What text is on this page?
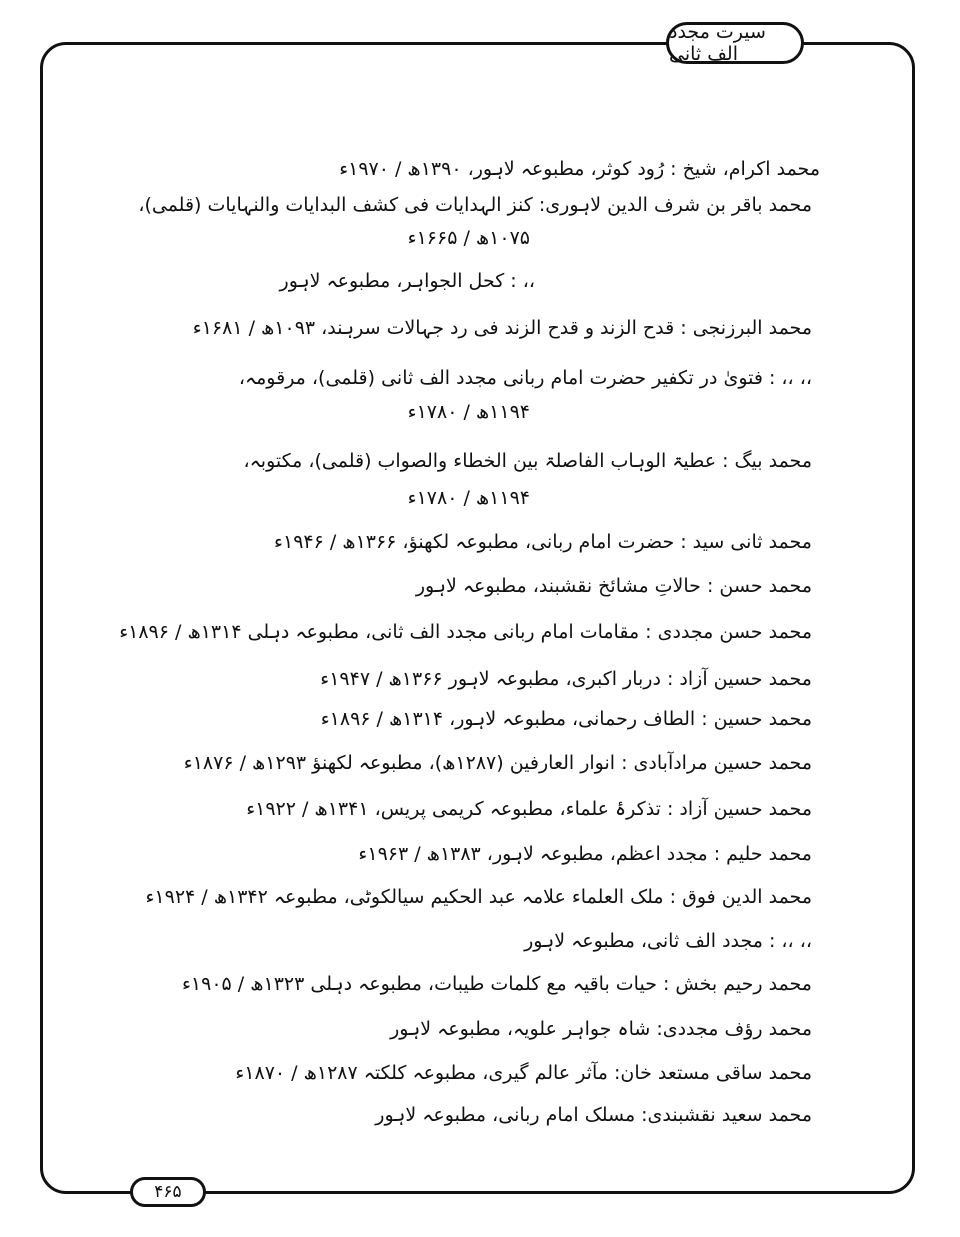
سیرت مجدد الف ثانی
محمد اکرام، شیخ : رُود کوثر، مطبوعہ لاہور، ۱۳۹۰ھ / ۱۹۷۰ء
محمد باقر بن شرف الدین لاہوری: کنز الہدایات فی کشف البدایات والنہایات (قلمی)،
۱۰۷۵ھ / ۱۶۶۵ء
،، : کحل الجواہر، مطبوعہ لاہور
محمد البرزنجی : قدح الزند و قدح الزند فی رد جہالات سرہند، ۱۰۹۳ھ / ۱۶۸۱ء
،، ،، : فتویٰ در تکفیر حضرت امام ربانی مجدد الف ثانی (قلمی)، مرقومہ،
۱۱۹۴ھ / ۱۷۸۰ء
محمد بیگ : عطیۃ الوہاب الفاصلۃ بین الخطاء والصواب (قلمی)، مکتوبہ،
۱۱۹۴ھ / ۱۷۸۰ء
محمد ثانی سید : حضرت امام ربانی، مطبوعہ لکھنؤ، ۱۳۶۶ھ / ۱۹۴۶ء
محمد حسن : حالاتِ مشائخ نقشبند، مطبوعہ لاہور
محمد حسن مجددی : مقامات امام ربانی مجدد الف ثانی، مطبوعہ دہلی ۱۳۱۴ھ / ۱۸۹۶ء
محمد حسین آزاد : دربار اکبری، مطبوعہ لاہور ۱۳۶۶ھ / ۱۹۴۷ء
محمد حسین : الطاف رحمانی، مطبوعہ لاہور، ۱۳۱۴ھ / ۱۸۹۶ء
محمد حسین مرادآبادی : انوار العارفین (۱۲۸۷ھ)، مطبوعہ لکھنؤ ۱۲۹۳ھ / ۱۸۷۶ء
محمد حسین آزاد : تذکرۂ علماء، مطبوعہ کریمی پریس، ۱۳۴۱ھ / ۱۹۲۲ء
محمد حلیم : مجدد اعظم، مطبوعہ لاہور، ۱۳۸۳ھ / ۱۹۶۳ء
محمد الدین فوق : ملک العلماء علامہ عبد الحکیم سیالکوٹی، مطبوعہ ۱۳۴۲ھ / ۱۹۲۴ء
،، ،، : مجدد الف ثانی، مطبوعہ لاہور
محمد رحیم بخش : حیات باقیہ مع کلمات طیبات، مطبوعہ دہلی ۱۳۲۳ھ / ۱۹۰۵ء
محمد رؤف مجددی: شاہ جواہر علویہ، مطبوعہ لاہور
محمد ساقی مستعد خان: مآثر عالم گیری، مطبوعہ کلکتہ ۱۲۸۷ھ / ۱۸۷۰ء
محمد سعید نقشبندی: مسلک امام ربانی، مطبوعہ لاہور
۴۶۵
